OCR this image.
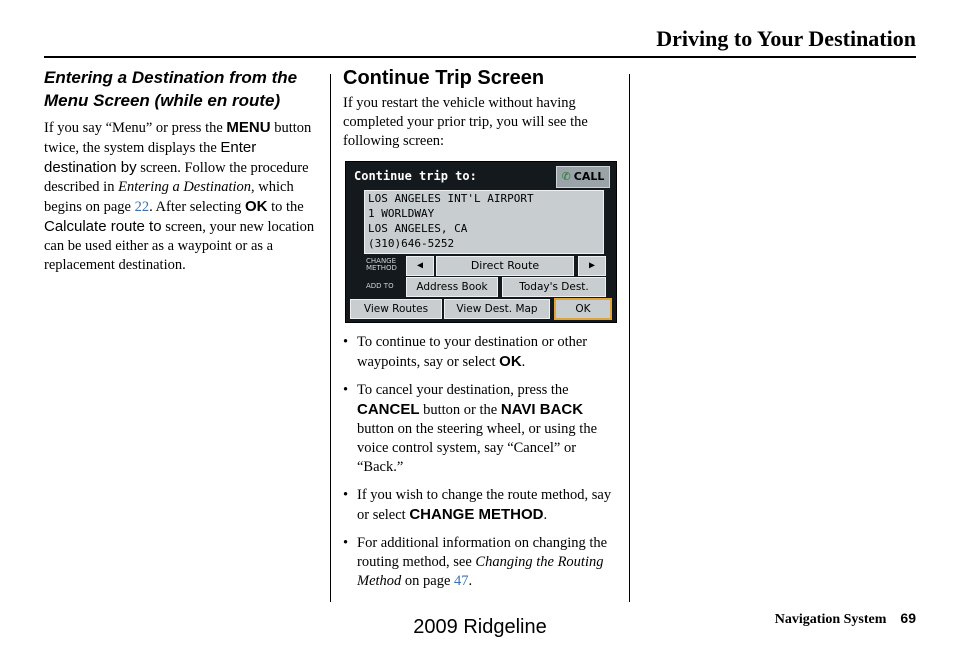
Driving to Your Destination
Entering a Destination from the Menu Screen (while en route)

If you say “Menu” or press the MENU button twice, the system displays the Enter destination by screen. Follow the procedure described in Entering a Destination, which begins on page 22. After selecting OK to the Calculate route to screen, your new location can be used either as a waypoint or as a replacement destination.

Continue Trip Screen

If you restart the vehicle without having completed your prior trip, you will see the following screen:

Continue trip to:	✆ CALL
LOS ANGELES INT'L AIRPORT
1 WORLDWAY
LOS ANGELES, CA
(310)646-5252
CHANGE
METHOD	◀	Direct Route	▶
ADD TO	Address Book	Today's Dest.
View Routes	View Dest. Map	OK
• To continue to your destination or other waypoints, say or select OK.
• To cancel your destination, press the CANCEL button or the NAVI BACK button on the steering wheel, or using the voice control system, say “Cancel” or “Back.”
• If you wish to change the route method, say or select CHANGE METHOD.
• For additional information on changing the routing method, see Changing the Routing Method on page 47.
Navigation System 69
2009 Ridgeline
